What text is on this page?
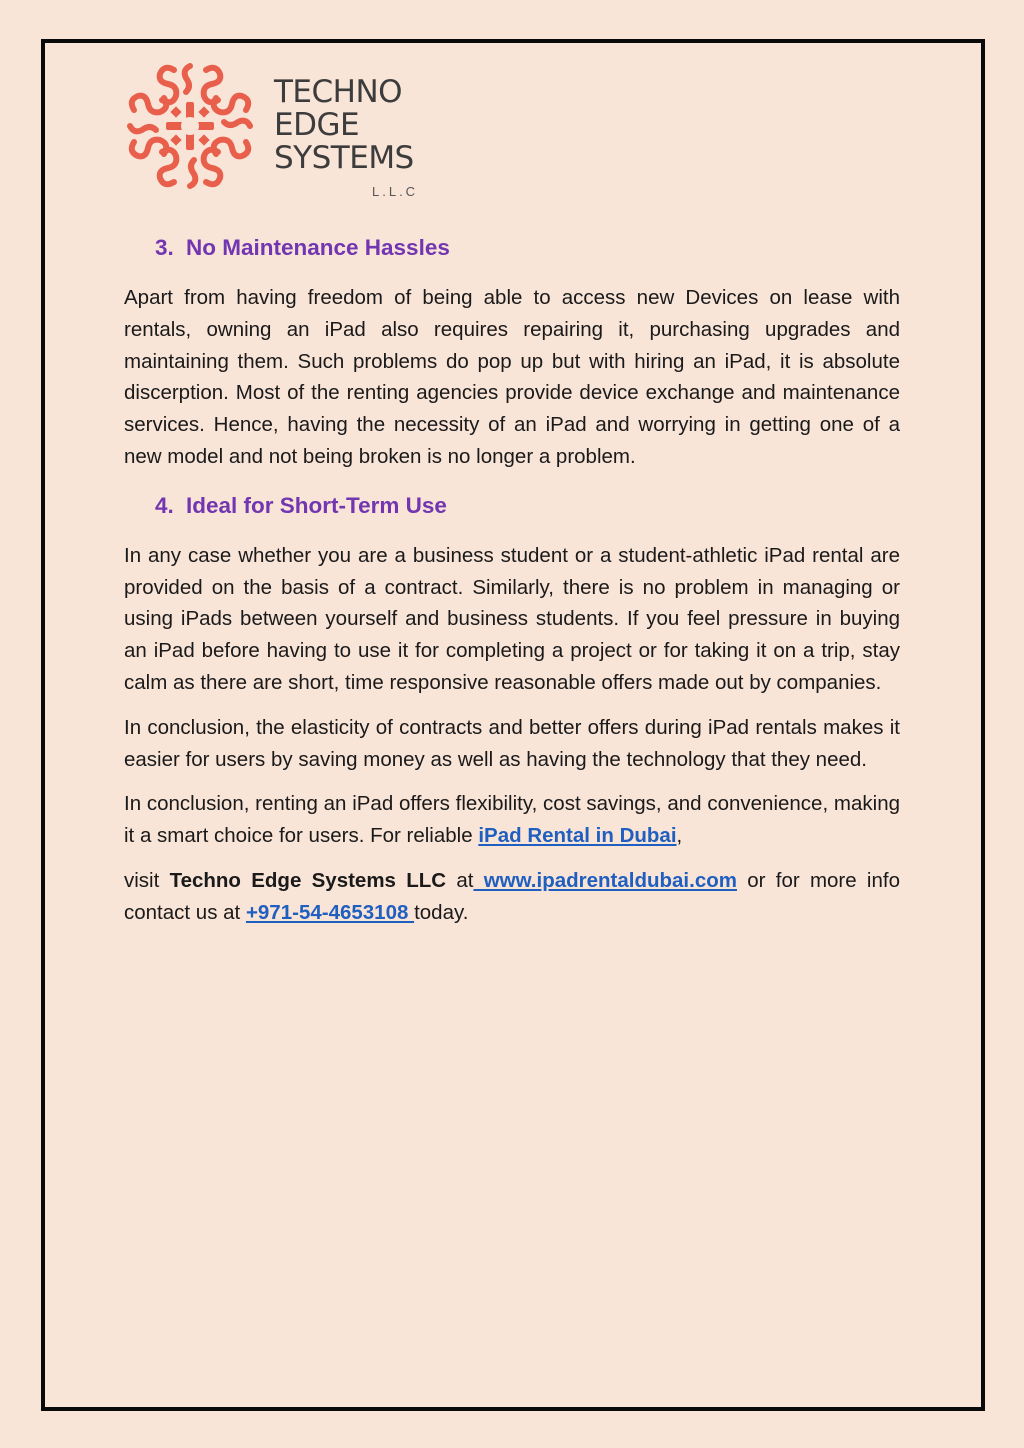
TECHNO
EDGE
SYSTEMS
L.L.C
3. No Maintenance Hassles

Apart from having freedom of being able to access new Devices on lease with rentals, owning an iPad also requires repairing it, purchasing upgrades and maintaining them. Such problems do pop up but with hiring an iPad, it is absolute discerption. Most of the renting agencies provide device exchange and maintenance services. Hence, having the necessity of an iPad and worrying in getting one of a new model and not being broken is no longer a problem.

4. Ideal for Short-Term Use

In any case whether you are a business student or a student-athletic iPad rental are provided on the basis of a contract. Similarly, there is no problem in managing or using iPads between yourself and business students. If you feel pressure in buying an iPad before having to use it for completing a project or for taking it on a trip, stay calm as there are short, time responsive reasonable offers made out by companies.

In conclusion, the elasticity of contracts and better offers during iPad rentals makes it easier for users by saving money as well as having the technology that they need.

In conclusion, renting an iPad offers flexibility, cost savings, and convenience, making it a smart choice for users. For reliable iPad Rental in Dubai,

visit Techno Edge Systems LLC at www.ipadrentaldubai.com or for more info contact us at +971-54-4653108 today.
